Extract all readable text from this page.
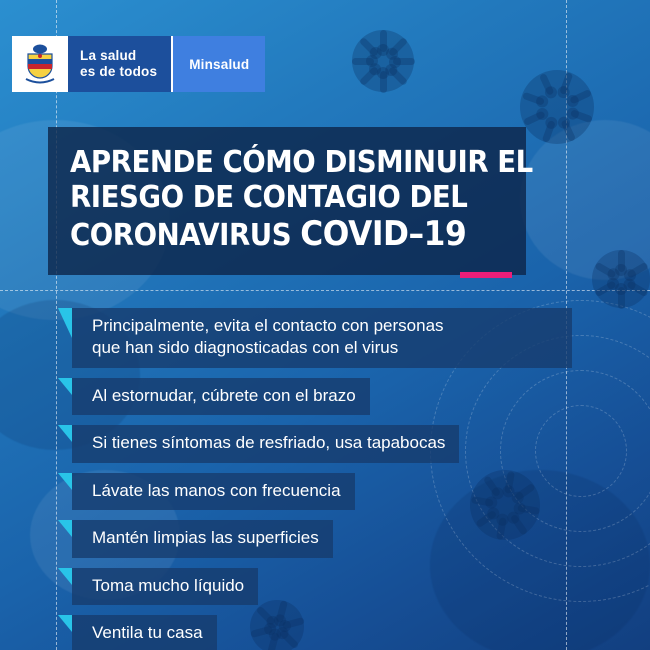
La salud
es de todos	Minsalud
APRENDE CÓMO DISMINUIR EL
RIESGO DE CONTAGIO DEL
CORONAVIRUS COVID–19
Principalmente, evita el contacto con personas
que han sido diagnosticadas con el virus
Al estornudar, cúbrete con el brazo
Si tienes síntomas de resfriado, usa tapabocas
Lávate las manos con frecuencia
Mantén limpias las superficies
Toma mucho líquido
Ventila tu casa
